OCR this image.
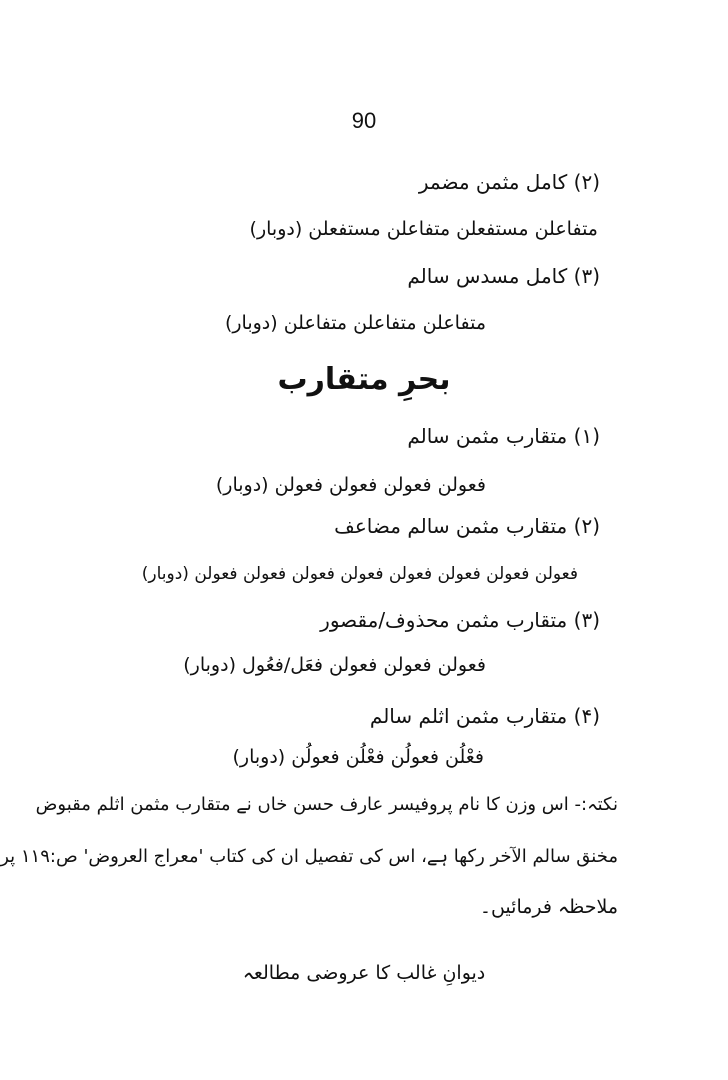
90
(۲) کامل مثمن مضمر
متفاعلن مستفعلن متفاعلن مستفعلن (دوبار)
(۳) کامل مسدس سالم
متفاعلن متفاعلن متفاعلن (دوبار)
بحرِ متقارب
(۱) متقارب مثمن سالم
فعولن فعولن فعولن فعولن (دوبار)
(۲) متقارب مثمن سالم مضاعف
فعولن فعولن فعولن فعولن فعولن فعولن فعولن فعولن (دوبار)
(۳) متقارب مثمن محذوف/مقصور
فعولن فعولن فعولن فعَل/فعُول (دوبار)
(۴) متقارب مثمن اثلم سالم
فعْلُن فعولُن فعْلُن فعولُن (دوبار)
نکتہ:- اس وزن کا نام پروفیسر عارف حسن خاں نے متقارب مثمن اثلم مقبوض
مخنق سالم الآخر رکھا ہے، اس کی تفصیل ان کی کتاب 'معراج العروض' ص:۱۱۹ پر
ملاحظہ فرمائیں۔
دیوانِ غالب کا عروضی مطالعہ
